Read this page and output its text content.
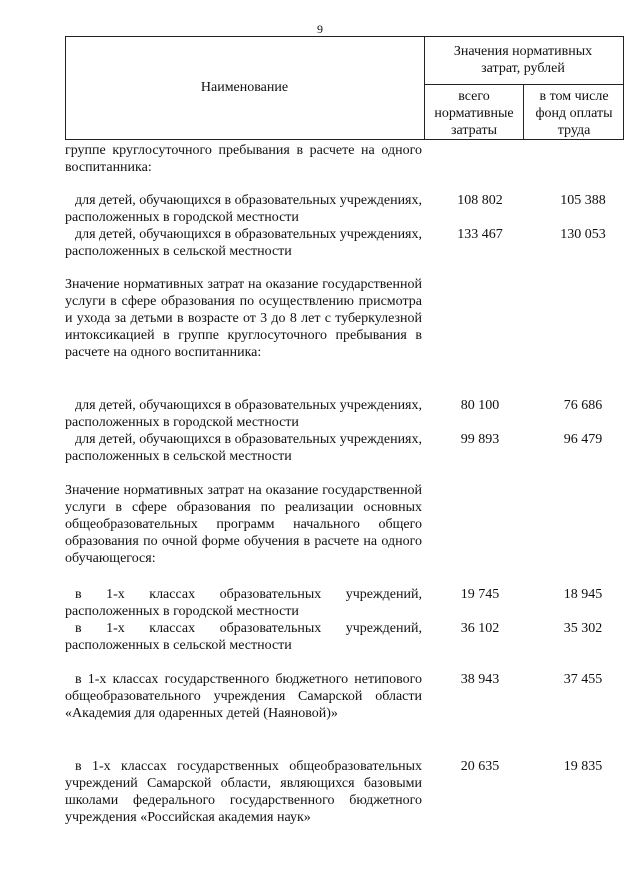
9
Наименование
Значения нормативных затрат, рублей
всего нормативные затраты
в том числе фонд оплаты труда
группе круглосуточного пребывания в расчете на одного воспитанника:
для детей, обучающихся в образовательных учреждениях, расположенных в городской местности
108 802	105 388
для детей, обучающихся в образовательных учреждениях, расположенных в сельской местности
133 467	130 053
Значение нормативных затрат на оказание государственной услуги в сфере образования по осуществлению присмотра и ухода за детьми в возрасте от 3 до 8 лет с туберкулезной интоксикацией в группе круглосуточного пребывания в расчете на одного воспитанника:
для детей, обучающихся в образовательных учреждениях, расположенных в городской местности
80 100	76 686
для детей, обучающихся в образовательных учреждениях, расположенных в сельской местности
99 893	96 479
Значение нормативных затрат на оказание государственной услуги в сфере образования по реализации основных общеобразовательных программ начального общего образования по очной форме обучения в расчете на одного обучающегося:
в 1-х классах образовательных учреждений, расположенных в городской местности
19 745	18 945
в 1-х классах образовательных учреждений, расположенных в сельской местности
36 102	35 302
в 1-х классах государственного бюджетного нетипового общеобразовательного учреждения Самарской области «Академия для одаренных детей (Наяновой)»
38 943	37 455
в 1-х классах государственных общеобразовательных учреждений Самарской области, являющихся базовыми школами федерального государственного бюджетного учреждения «Российская академия наук»
20 635	19 835
